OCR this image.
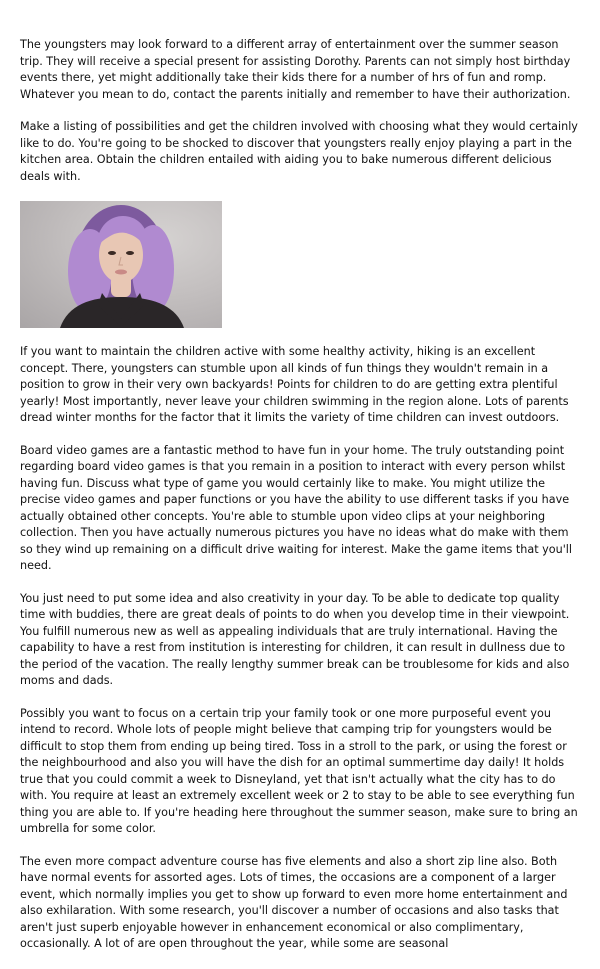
The youngsters may look forward to a different array of entertainment over the summer season trip. They will receive a special present for assisting Dorothy. Parents can not simply host birthday events there, yet might additionally take their kids there for a number of hrs of fun and romp. Whatever you mean to do, contact the parents initially and remember to have their authorization.

Make a listing of possibilities and get the children involved with choosing what they would certainly like to do. You're going to be shocked to discover that youngsters really enjoy playing a part in the kitchen area. Obtain the children entailed with aiding you to bake numerous different delicious deals with.

If you want to maintain the children active with some healthy activity, hiking is an excellent concept. There, youngsters can stumble upon all kinds of fun things they wouldn't remain in a position to grow in their very own backyards! Points for children to do are getting extra plentiful yearly! Most importantly, never leave your children swimming in the region alone. Lots of parents dread winter months for the factor that it limits the variety of time children can invest outdoors.

Board video games are a fantastic method to have fun in your home. The truly outstanding point regarding board video games is that you remain in a position to interact with every person whilst having fun. Discuss what type of game you would certainly like to make. You might utilize the precise video games and paper functions or you have the ability to use different tasks if you have actually obtained other concepts. You're able to stumble upon video clips at your neighboring collection. Then you have actually numerous pictures you have no ideas what do make with them so they wind up remaining on a difficult drive waiting for interest. Make the game items that you'll need.

You just need to put some idea and also creativity in your day. To be able to dedicate top quality time with buddies, there are great deals of points to do when you develop time in their viewpoint. You fulfill numerous new as well as appealing individuals that are truly international. Having the capability to have a rest from institution is interesting for children, it can result in dullness due to the period of the vacation. The really lengthy summer break can be troublesome for kids and also moms and dads.

Possibly you want to focus on a certain trip your family took or one more purposeful event you intend to record. Whole lots of people might believe that camping trip for youngsters would be difficult to stop them from ending up being tired. Toss in a stroll to the park, or using the forest or the neighbourhood and also you will have the dish for an optimal summertime day daily! It holds true that you could commit a week to Disneyland, yet that isn't actually what the city has to do with. You require at least an extremely excellent week or 2 to stay to be able to see everything fun thing you are able to. If you're heading here throughout the summer season, make sure to bring an umbrella for some color.

The even more compact adventure course has five elements and also a short zip line also. Both have normal events for assorted ages. Lots of times, the occasions are a component of a larger event, which normally implies you get to show up forward to even more home entertainment and also exhilaration. With some research, you'll discover a number of occasions and also tasks that aren't just superb enjoyable however in enhancement economical or also complimentary, occasionally. A lot of are open throughout the year, while some are seasonal
